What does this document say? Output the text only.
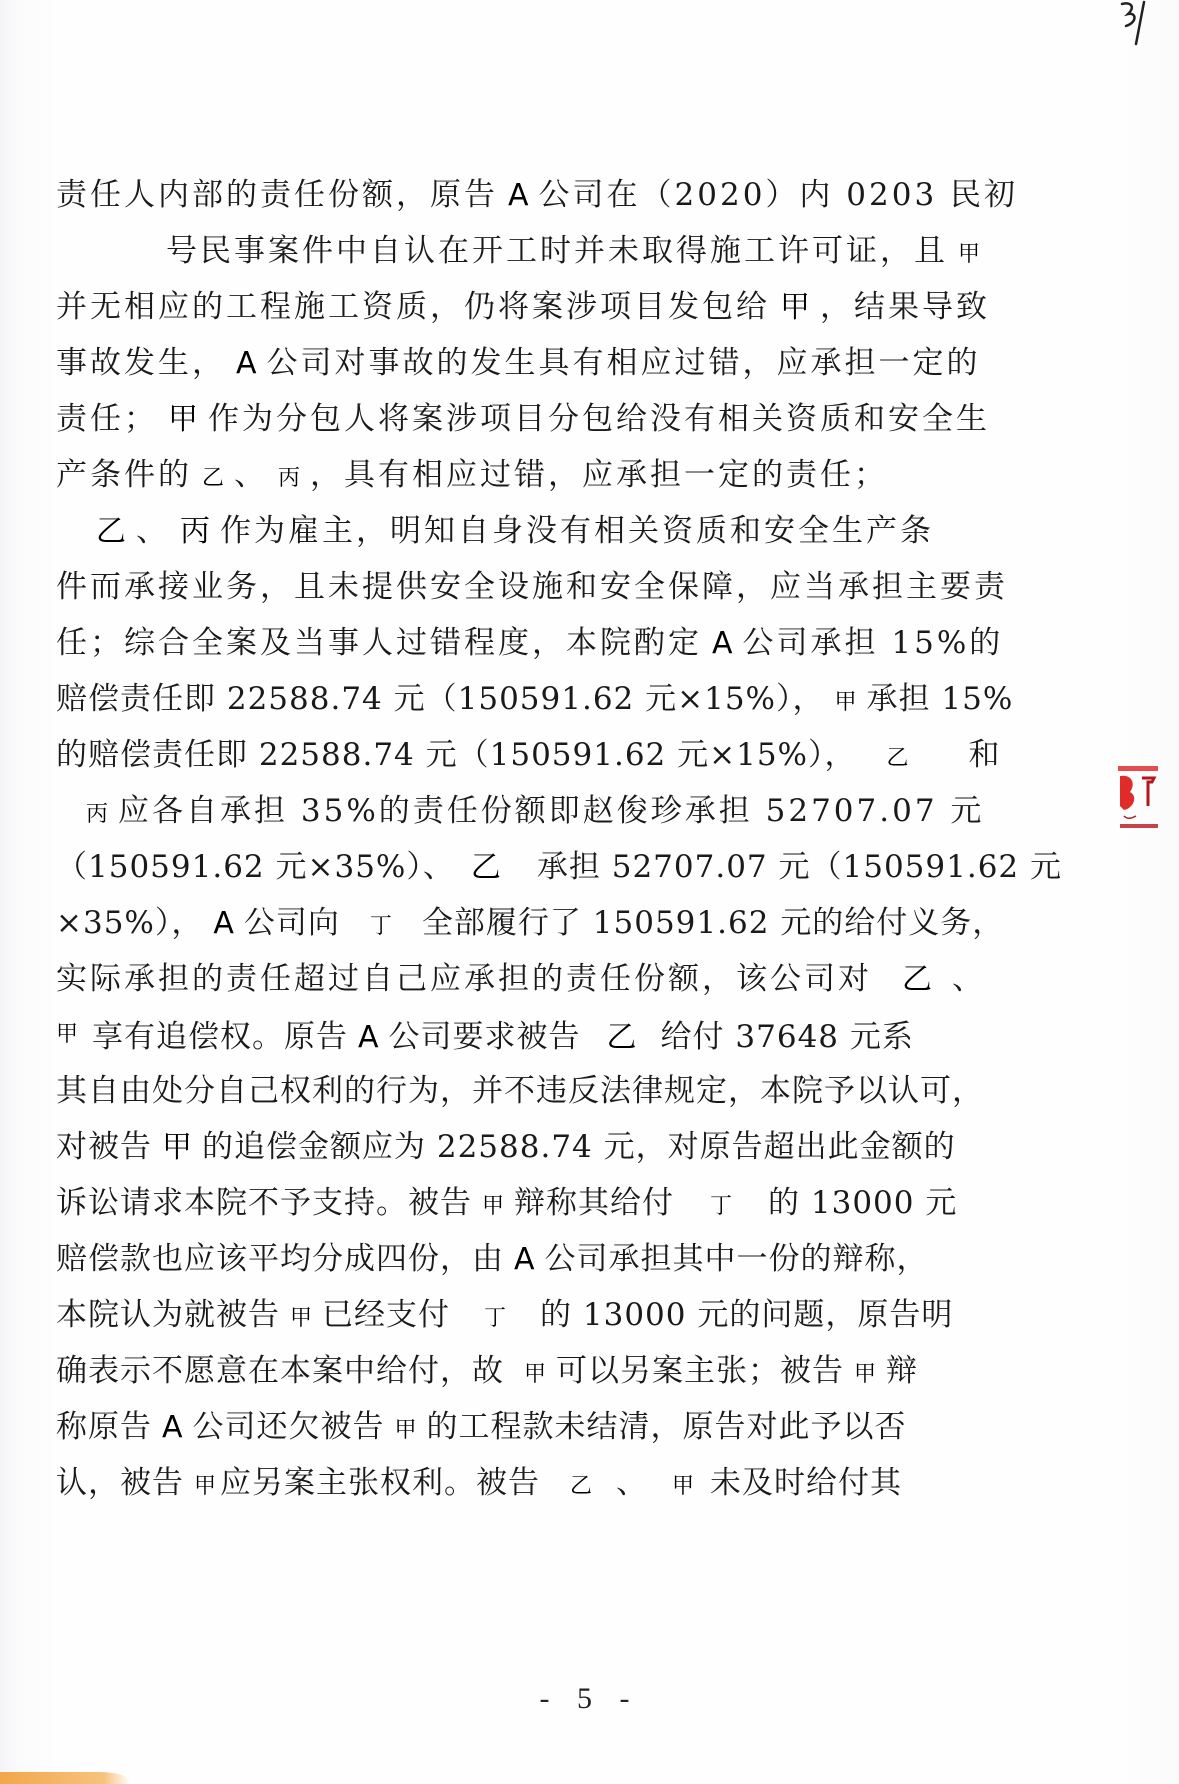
责任人内部的责任份额，原告 A 公司在（2020）内 0203 民初
号民事案件中自认在开工时并未取得施工许可证，且 甲
并无相应的工程施工资质，仍将案涉项目发包给 甲 ，结果导致
事故发生， A 公司对事故的发生具有相应过错，应承担一定的
责任； 甲 作为分包人将案涉项目分包给没有相关资质和安全生
产条件的 乙 、 丙 ，具有相应过错，应承担一定的责任；
乙 、 丙 作为雇主，明知自身没有相关资质和安全生产条
件而承接业务，且未提供安全设施和安全保障，应当承担主要责
任；综合全案及当事人过错程度，本院酌定 A 公司承担 15%的
赔偿责任即 22588.74 元（150591.62 元×15%）， 甲 承担 15%
的赔偿责任即 22588.74 元（150591.62 元×15%）， 乙 和
丙 应各自承担 35%的责任份额即赵俊珍承担 52707.07 元
（150591.62 元×35%）、 乙 承担 52707.07 元（150591.62 元
×35%）， A 公司向 丁 全部履行了 150591.62 元的给付义务，
实际承担的责任超过自己应承担的责任份额，该公司对 乙 、
甲 享有追偿权。原告 A 公司要求被告 乙 给付 37648 元系
其自由处分自己权利的行为，并不违反法律规定，本院予以认可，
对被告 甲 的追偿金额应为 22588.74 元，对原告超出此金额的
诉讼请求本院不予支持。被告 甲 辩称其给付 丁 的 13000 元
赔偿款也应该平均分成四份，由 A 公司承担其中一份的辩称，
本院认为就被告 甲 已经支付 丁 的 13000 元的问题，原告明
确表示不愿意在本案中给付，故 甲 可以另案主张；被告 甲 辩
称原告 A 公司还欠被告 甲 的工程款未结清，原告对此予以否
认，被告 甲 应另案主张权利。被告 乙 、 甲 未及时给付其
- 5 -
